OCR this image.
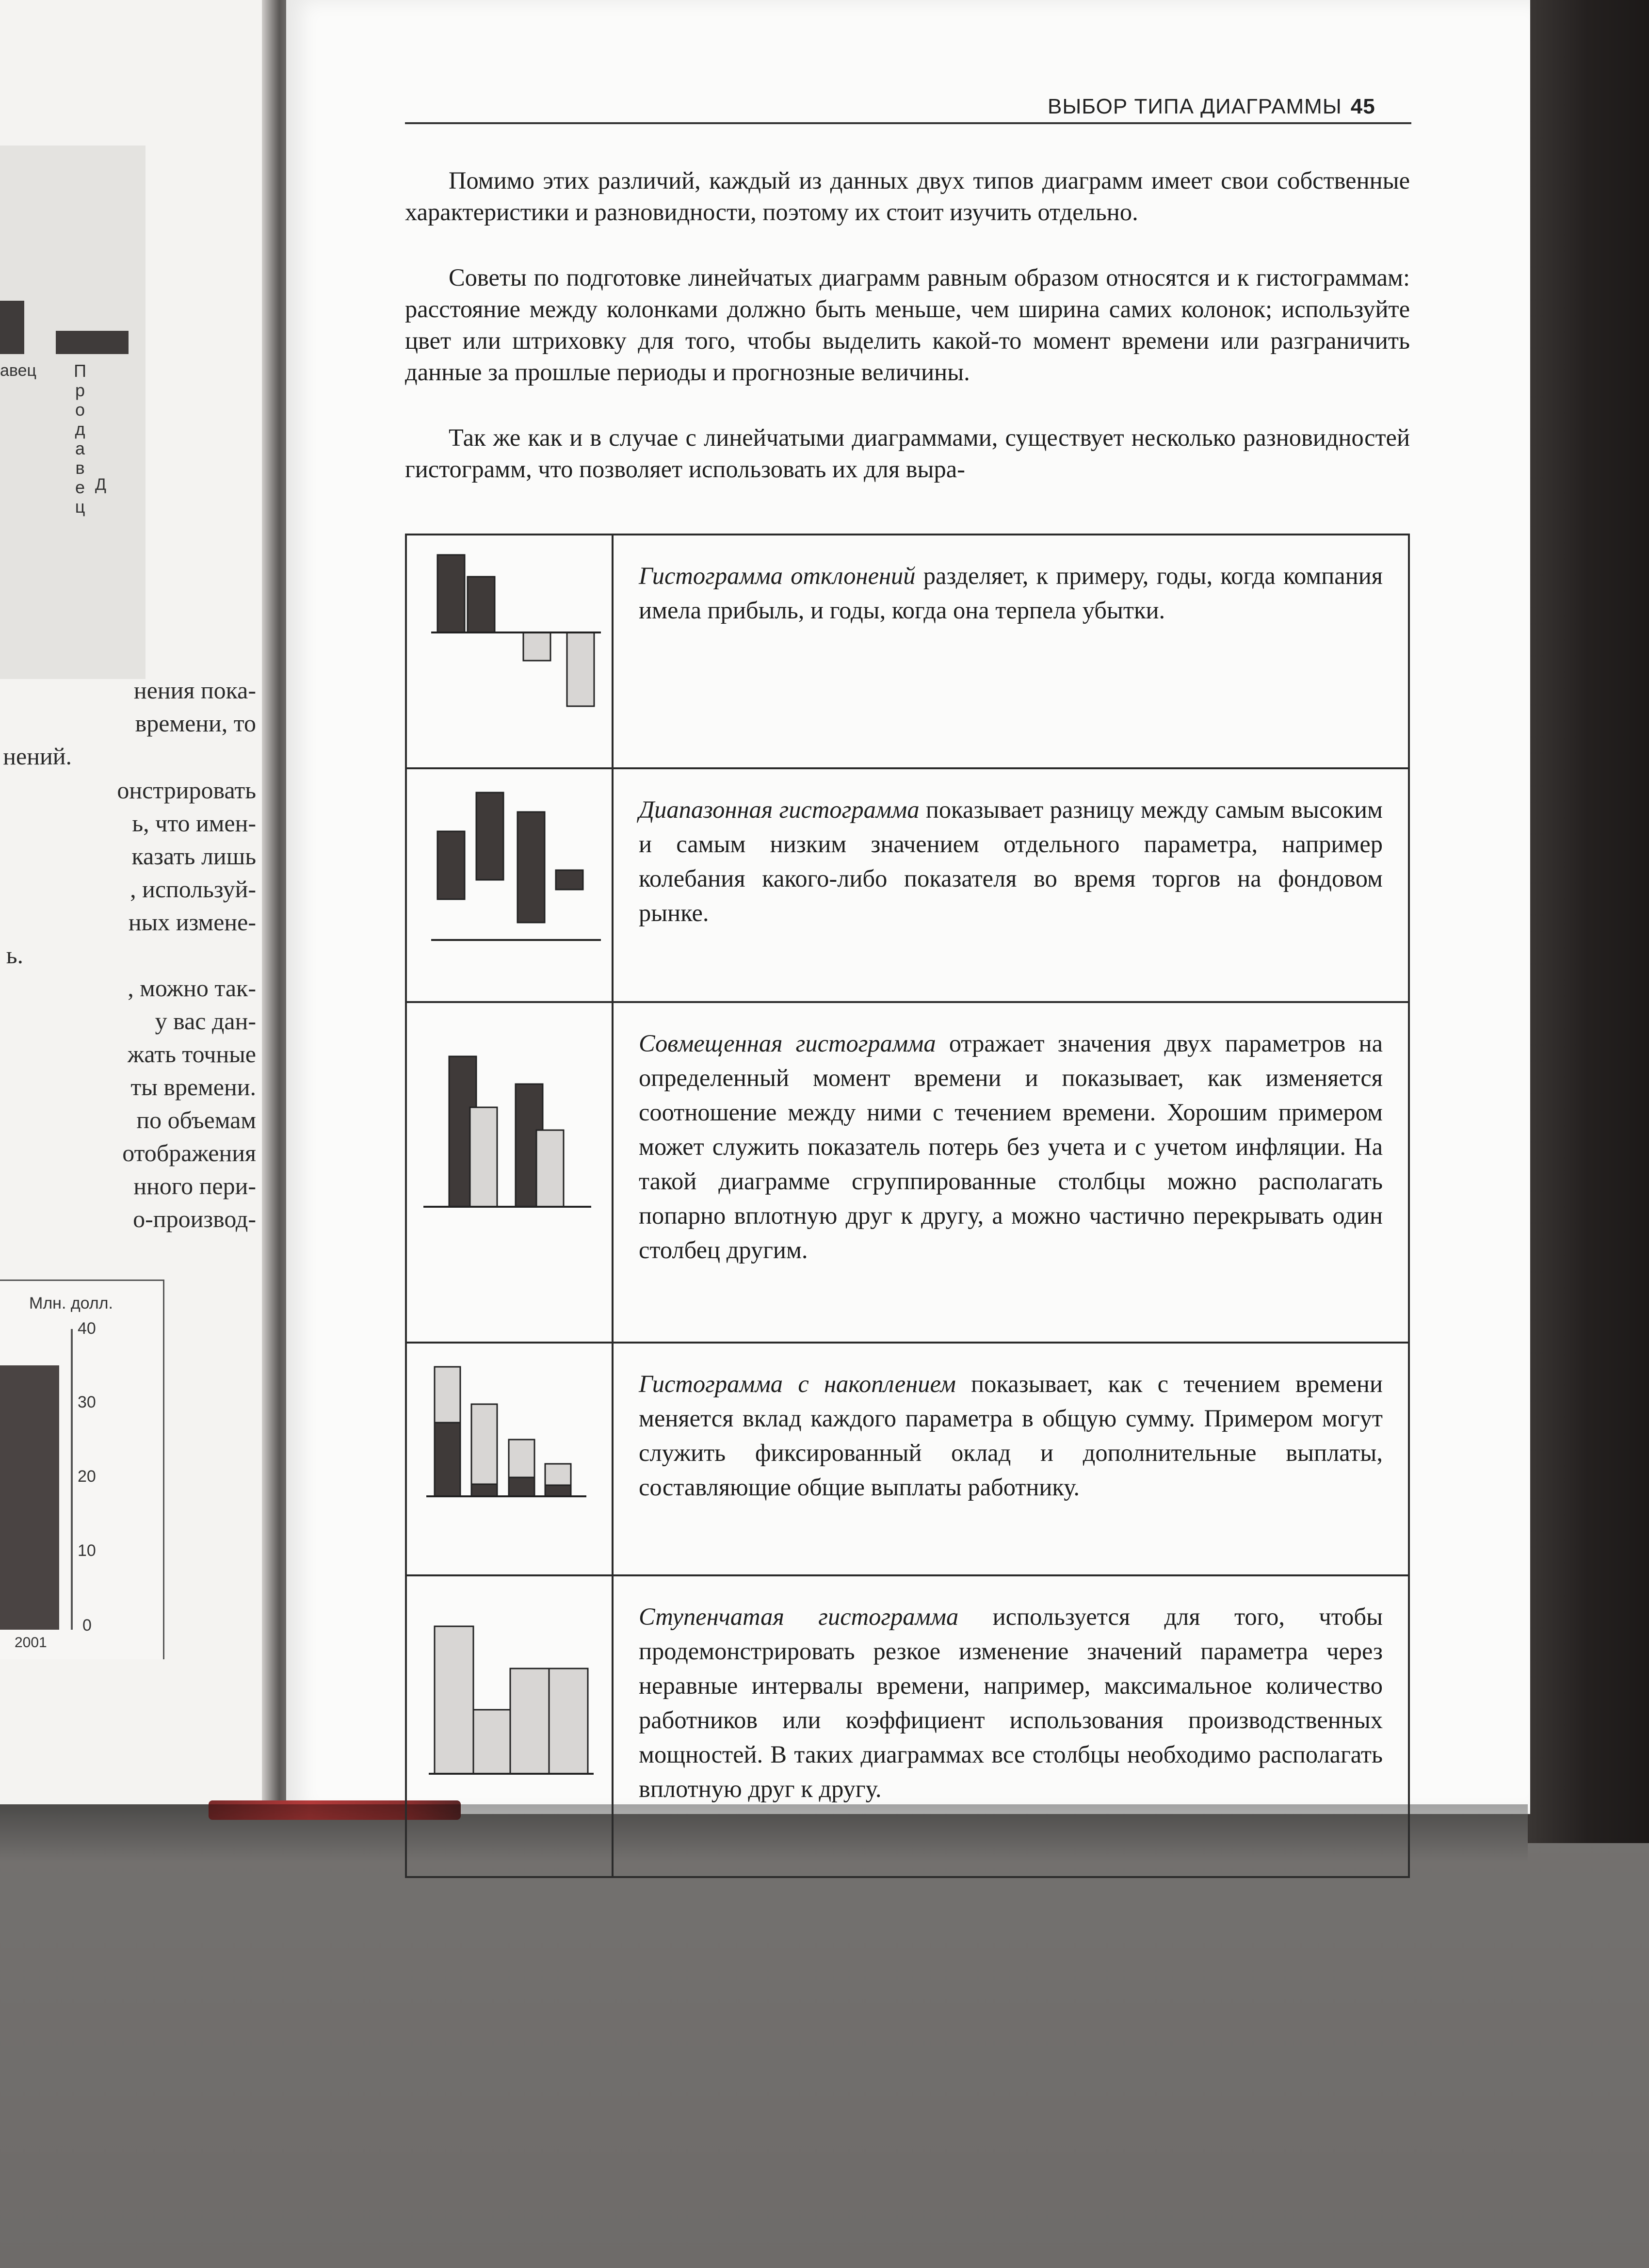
авец Продавец
Д
нения пока-
времени, то
нений.
онстрировать
ь, что имен-
казать лишь
, используй-
ных измене-
ь.
, можно так-
у вас дан-
жать точные
ты времени.
по объемам
отображения
нного пери-
о-производ-
Млн. долл.
40
30
20
10
0
2001
ВЫБОР ТИПА ДИАГРАММЫ 45

Помимо этих различий, каждый из данных двух типов диаграмм имеет свои собственные характеристики и разновидности, поэтому их стоит изучить отдельно.

Советы по подготовке линейчатых диаграмм равным образом относятся и к гистограммам: расстояние между колонками должно быть меньше, чем ширина самих колонок; используйте цвет или штриховку для того, чтобы выделить какой-то момент времени или разграничить данные за прошлые периоды и прогнозные величины.

Так же как и в случае с линейчатыми диаграммами, существует несколько разновидностей гистограмм, что позволяет использовать их для выра-

	Гистограмма отклонений разделяет, к примеру, годы, когда компания имела прибыль, и годы, когда она терпела убытки.

	Диапазонная гистограмма показывает разницу между самым высоким и самым низким значением отдельного параметра, например колебания какого-либо показателя во время торгов на фондовом рынке.

	Совмещенная гистограмма отражает значения двух параметров на определенный момент времени и показывает, как изменяется соотношение между ними с течением времени. Хорошим примером может служить показатель потерь без учета и с учетом инфляции. На такой диаграмме сгруппированные столбцы можно располагать попарно вплотную друг к другу, а можно частично перекрывать один столбец другим.

	Гистограмма с накоплением показывает, как с течением времени меняется вклад каждого параметра в общую сумму. Примером могут служить фиксированный оклад и дополнительные выплаты, составляющие общие выплаты работнику.

	Ступенчатая гистограмма используется для того, чтобы продемонстрировать резкое изменение значений параметра через неравные интервалы времени, например, максимальное количество работников или коэффициент использования производственных мощностей. В таких диаграммах все столбцы необходимо располагать вплотную друг к другу.
